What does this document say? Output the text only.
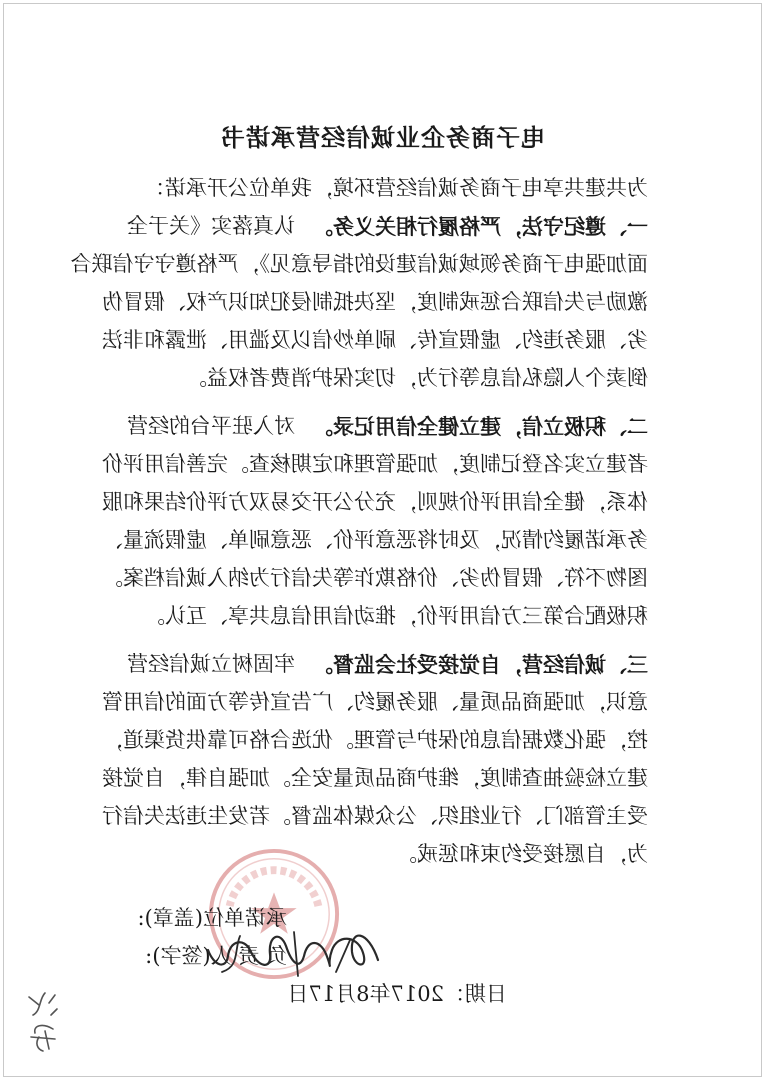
电子商务企业诚信经营承诺书
为共建共享电子商务诚信经营环境，我单位公开承诺：
一、遵纪守法，严格履行相关义务。
认真落实《关于全
面加强电子商务领域诚信建设的指导意见》，严格遵守守信联合
激励与失信联合惩戒制度，坚决抵制侵犯知识产权、假冒伪
劣、服务违约、虚假宣传、刷单炒信以及滥用、泄露和非法
倒卖个人隐私信息等行为，切实保护消费者权益。
二、积极立信，建立健全信用记录。
对入驻平台的经营
者建立实名登记制度，加强管理和定期核查。完善信用评价
体系，健全信用评价规则，充分公开交易双方评价结果和服
务承诺履约情况，及时将恶意评价、恶意刷单、虚假流量、
图物不符、假冒伪劣、价格欺诈等失信行为纳入诚信档案。
积极配合第三方信用评价，推动信用信息共享、互认。
三、诚信经营，自觉接受社会监督。
牢固树立诚信经营
意识，加强商品质量、服务履约、广告宣传等方面的信用管
控，强化数据信息的保护与管理。优选合格可靠供货渠道，
建立检验抽查制度，维护商品质量安全。加强自律，自觉接
受主管部门、行业组织、公众媒体监督。若发生违法失信行
为，自愿接受约束和惩戒。
承诺单位(盖章):
负 责 人(签字):
日期：2017年8月17日
